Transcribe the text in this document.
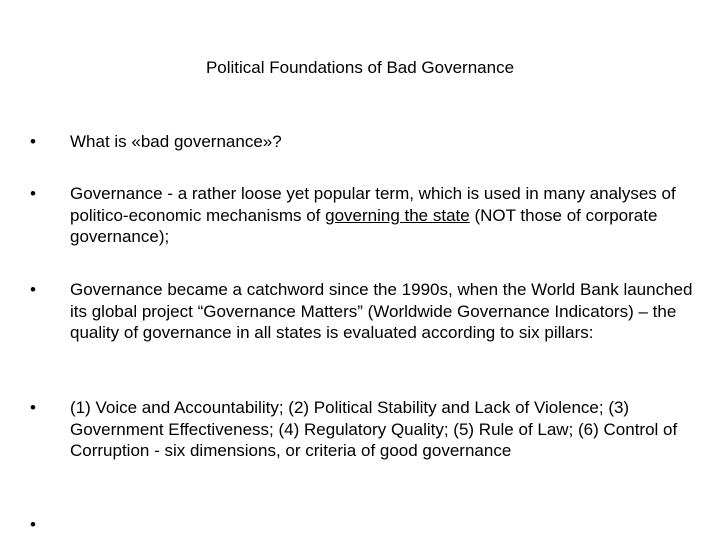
Political Foundations of Bad Governance
•	What is «bad governance»?
•	Governance - a rather loose yet popular term, which is used in many analyses of politico-economic mechanisms of governing the state (NOT those of corporate governance);
•	Governance became a catchword since the 1990s, when the World Bank launched its global project “Governance Matters” (Worldwide Governance Indicators) – the quality of governance in all states is evaluated according to six pillars:
•	(1) Voice and Accountability; (2) Political Stability and Lack of Violence; (3) Government Effectiveness; (4) Regulatory Quality; (5) Rule of Law; (6) Control of Corruption - six dimensions, or criteria of good governance
•
